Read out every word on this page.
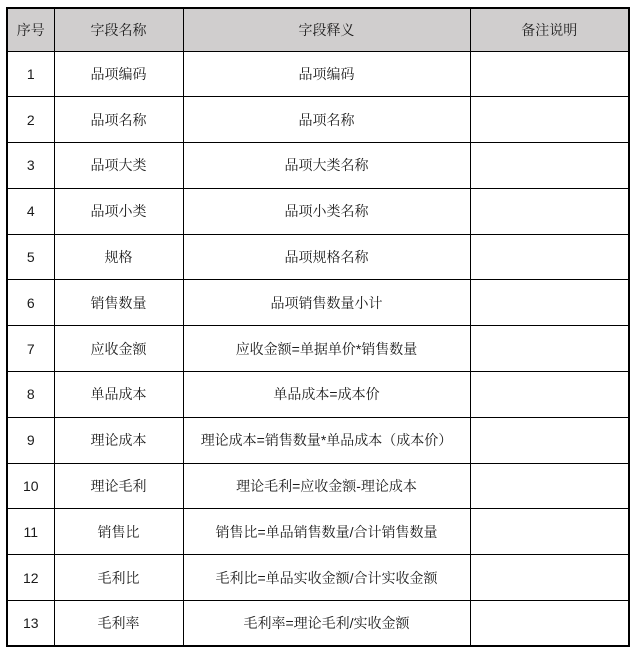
序号	字段名称	字段释义	备注说明
1	品项编码	品项编码	
2	品项名称	品项名称	
3	品项大类	品项大类名称	
4	品项小类	品项小类名称	
5	规格	品项规格名称	
6	销售数量	品项销售数量小计	
7	应收金额	应收金额=单据单价*销售数量	
8	单品成本	单品成本=成本价	
9	理论成本	理论成本=销售数量*单品成本（成本价）	
10	理论毛利	理论毛利=应收金额-理论成本	
11	销售比	销售比=单品销售数量/合计销售数量	
12	毛利比	毛利比=单品实收金额/合计实收金额	
13	毛利率	毛利率=理论毛利/实收金额	
